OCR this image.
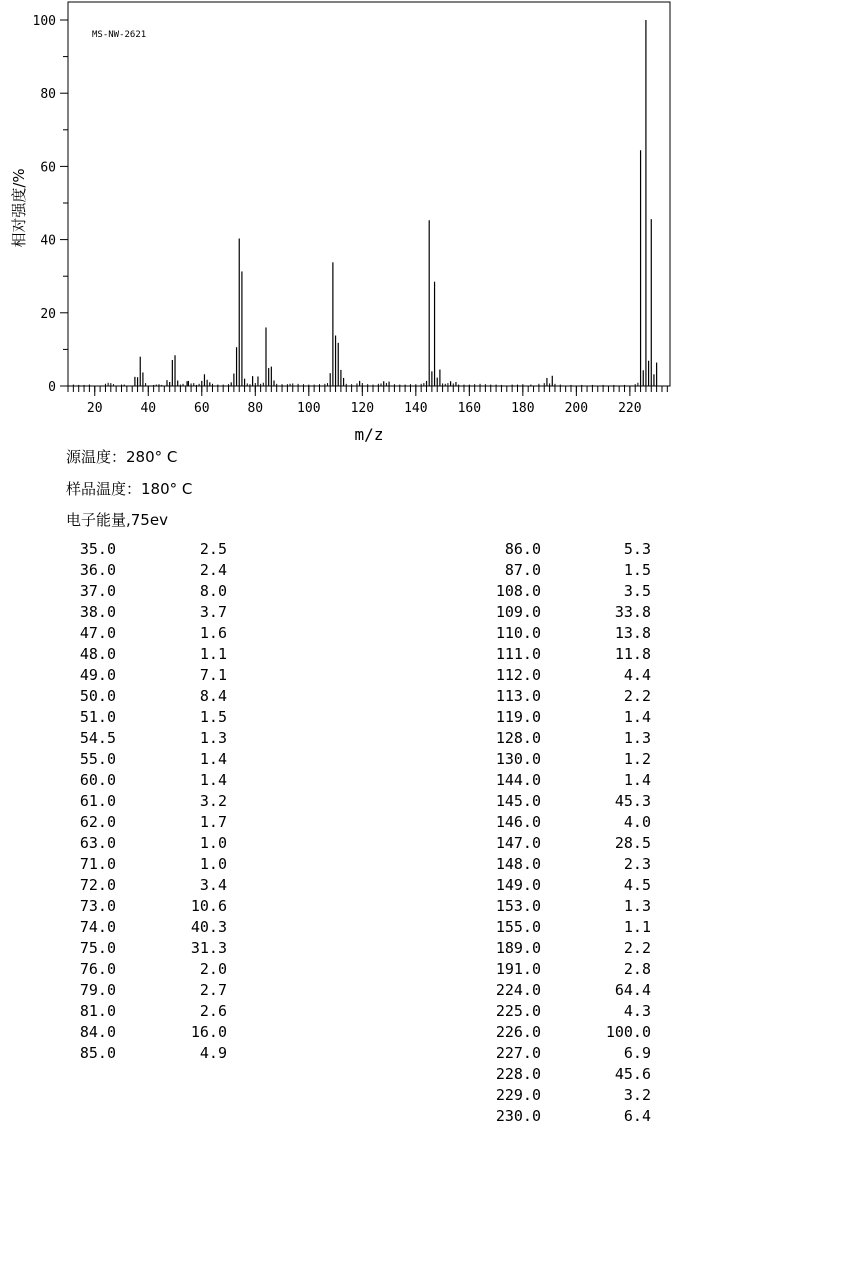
20	40	60	80	100 120 140 160 180 200 220
0
20
40
60
80
100
MS-NW-2621
m/z
相对强度/%
源温度：280° C
样品温度：180° C
电子能量,75ev
35.0	2.5
36.0	2.4
37.0	8.0
38.0	3.7
47.0	1.6
48.0	1.1
49.0	7.1
50.0	8.4
51.0	1.5
54.5	1.3
55.0	1.4
60.0	1.4
61.0	3.2
62.0	1.7
63.0	1.0
71.0	1.0
72.0	3.4
73.0	10.6
74.0	40.3
75.0	31.3
76.0	2.0
79.0	2.7
81.0	2.6
84.0	16.0
85.0	4.9
86.0	5.3
87.0	1.5
108.0	3.5
109.0	33.8
110.0	13.8
111.0	11.8
112.0	4.4
113.0	2.2
119.0	1.4
128.0	1.3
130.0	1.2
144.0	1.4
145.0	45.3
146.0	4.0
147.0	28.5
148.0	2.3
149.0	4.5
153.0	1.3
155.0	1.1
189.0	2.2
191.0	2.8
224.0	64.4
225.0	4.3
226.0	100.0
227.0	6.9
228.0	45.6
229.0	3.2
230.0	6.4
